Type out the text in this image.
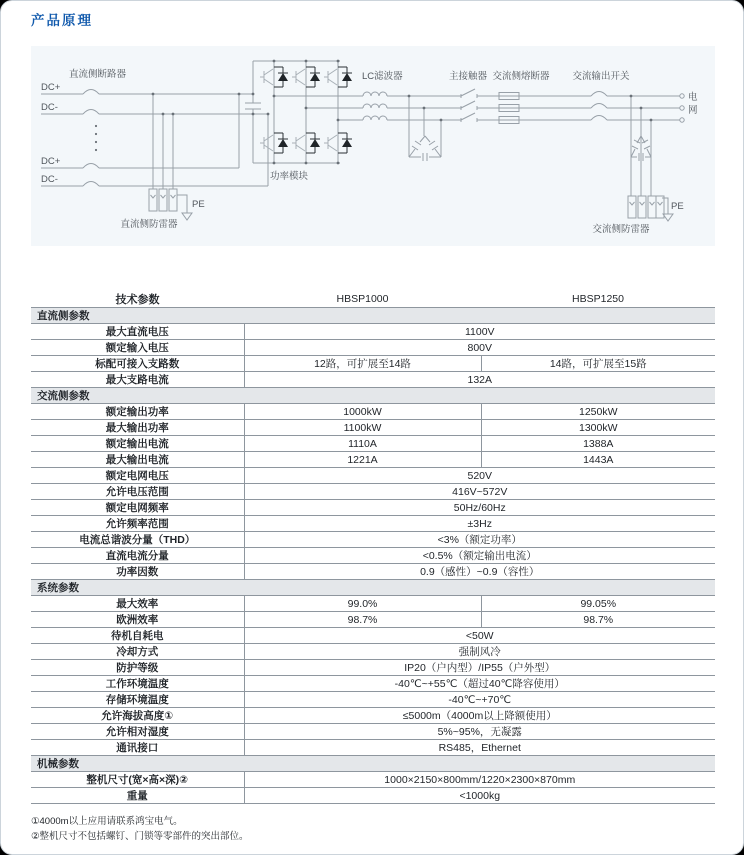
产品原理
DC+
DC-
DC+
DC-
直流侧断路器
直流侧防雷器
PE
功率模块
LC滤波器	主接触器 交流侧熔断器 交流输出开关
电
网
交流侧防雷器
PE
技术参数	HBSP1000	HBSP1250
直流侧参数		
最大直流电压	1100V	
额定输入电压	800V	
标配可接入支路数	12路，可扩展至14路	14路，可扩展至15路
最大支路电流	132A	
交流侧参数		
额定输出功率	1000kW	1250kW
最大输出功率	1100kW	1300kW
额定输出电流	1110A	1388A
最大输出电流	1221A	1443A
额定电网电压	520V	
允许电压范围	416V~572V	
额定电网频率	50Hz/60Hz	
允许频率范围	±3Hz	
电流总谐波分量（THD）	<3%（额定功率）	
直流电流分量	<0.5%（额定输出电流）	
功率因数	0.9（感性）~0.9（容性）	
系统参数		
最大效率	99.0%	99.05%
欧洲效率	98.7%	98.7%
待机自耗电	<50W	
冷却方式	强制风冷	
防护等级	IP20（户内型）/IP55（户外型）	
工作环境温度	-40℃~+55℃（超过40℃降容使用）	
存储环境温度	-40℃~+70℃	
允许海拔高度①	≤5000m（4000m以上降额使用）	
允许相对湿度	5%~95%，无凝露	
通讯接口	RS485，Ethernet	
机械参数		
整机尺寸(宽×高×深)②	1000×2150×800mm/1220×2300×870mm	
重量	<1000kg	
①4000m以上应用请联系鸿宝电气。
②整机尺寸不包括螺钉、门锁等零部件的突出部位。
